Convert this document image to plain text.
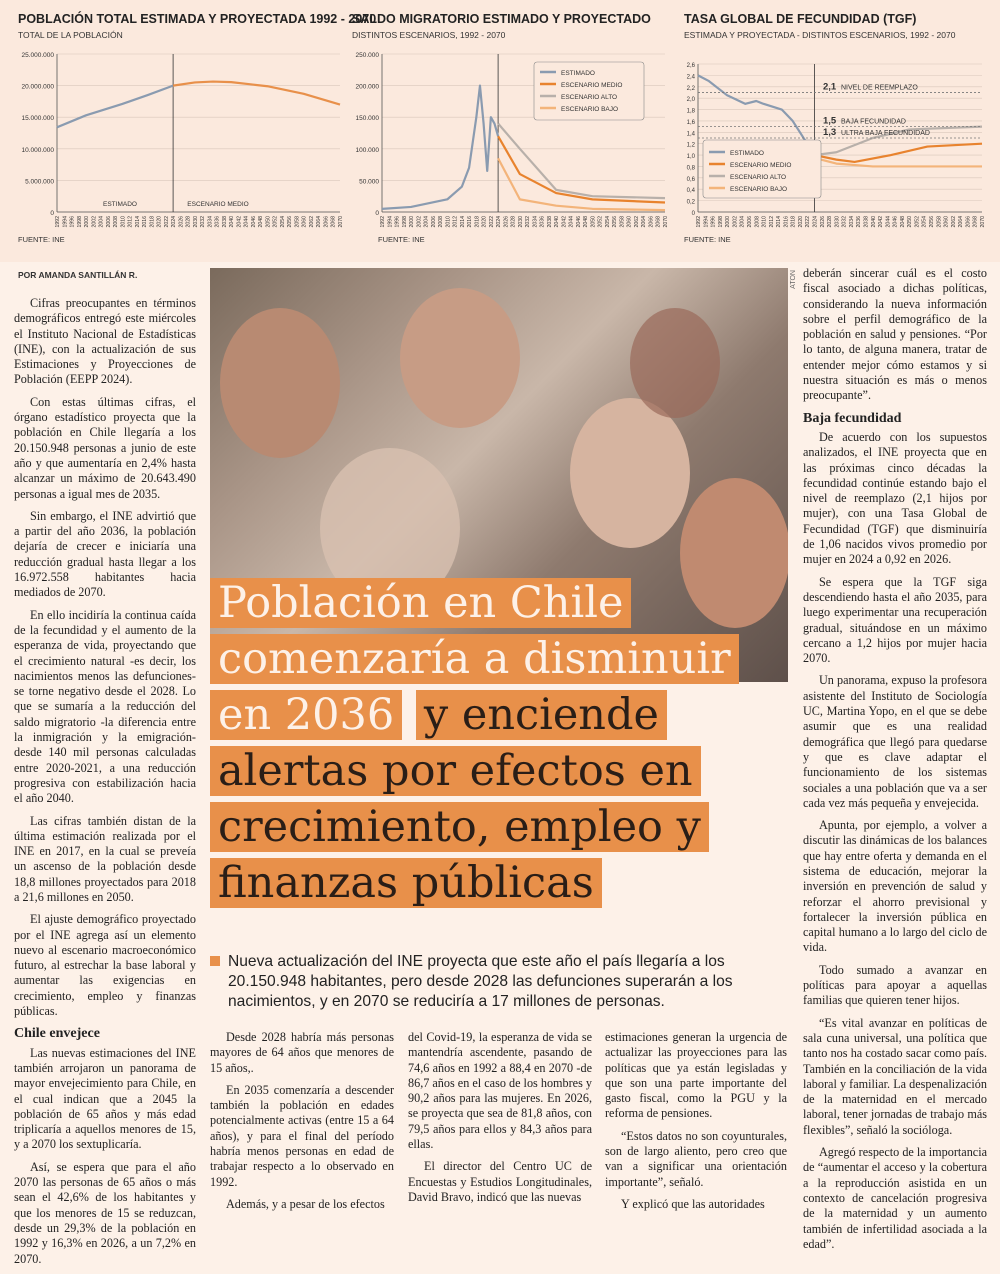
POBLACIÓN TOTAL ESTIMADA Y PROYECTADA 1992 - 2070
TOTAL DE LA POBLACIÓN
25.000.000
20.000.000
15.000.000
10.000.000
5.000.000
0
1992 1994 1996 1998 2000 2002 2004 2006 2008 2010 2012 2014 2016 2018 2020 2022 2024 2026 2028 2030 2032 2034 2036 2038 2040 2042 2044 2046 2048 2050 2052 2054 2056 2058 2060 2062 2064 2066 2068 2070
ESTIMADO	ESCENARIO MEDIO
FUENTE: INE
SALDO MIGRATORIO ESTIMADO Y PROYECTADO
DISTINTOS ESCENARIOS, 1992 - 2070
250.000
200.000
150.000
100.000
50.000
0
1992 1994 1996 1998 2000 2002 2004 2006 2008 2010 2012 2014 2016 2018 2020 2022 2024 2026 2028 2030 2032 2034 2036 2038 2040 2042 2044 2046 2048 2050 2052 2054 2056 2058 2060 2062 2064 2066 2068 2070
ESTIMADO
ESCENARIO MEDIO
ESCENARIO ALTO
ESCENARIO BAJO
FUENTE: INE
TASA GLOBAL DE FECUNDIDAD (TGF)
ESTIMADA Y PROYECTADA - DISTINTOS ESCENARIOS, 1992 - 2070
2,6
2,4
2,2
2,0
1,8
1,6
1,4
1,2
1,0
0,8
0,6
0,4
0,2
0
1992 1994 1996 1998 2000 2002 2004 2006 2008 2010 2012 2014 2016 2018 2020 2022 2024 2026 2028 2030 2032 2034 2036 2038 2040 2042 2044 2046 2048 2050 2052 2054 2056 2058 2060 2062 2064 2066 2068 2070
2,1 NIVEL DE REEMPLAZO
1,5 BAJA FECUNDIDAD
1,3 ULTRA BAJA FECUNDIDAD
ESTIMADO
ESCENARIO MEDIO
ESCENARIO ALTO
ESCENARIO BAJO
FUENTE: INE
POR AMANDA SANTILLÁN R.

Cifras preocupantes en términos demográficos entregó este miércoles el Instituto Nacional de Estadísticas (INE), con la actualización de sus Estimaciones y Proyecciones de Población (EEPP 2024).

Con estas últimas cifras, el órgano estadístico proyecta que la población en Chile llegaría a los 20.150.948 personas a junio de este año y que aumentaría en 2,4% hasta alcanzar un máximo de 20.643.490 personas a igual mes de 2035.

Sin embargo, el INE advirtió que a partir del año 2036, la población dejaría de crecer e iniciaría una reducción gradual hasta llegar a los 16.972.558 habitantes hacia mediados de 2070.

En ello incidiría la continua caída de la fecundidad y el aumento de la esperanza de vida, proyectando que el crecimiento natural -es decir, los nacimientos menos las defunciones- se torne negativo desde el 2028. Lo que se sumaría a la reducción del saldo migratorio -la diferencia entre la inmigración y la emigración- desde 140 mil personas calculadas entre 2020-2021, a una reducción progresiva con estabilización hacia el año 2040.

Las cifras también distan de la última estimación realizada por el INE en 2017, en la cual se preveía un ascenso de la población desde 18,8 millones proyectados para 2018 a 21,6 millones en 2050.

El ajuste demográfico proyectado por el INE agrega así un elemento nuevo al escenario macroeconómico futuro, al estrechar la base laboral y aumentar las exigencias en crecimiento, empleo y finanzas públicas.

Chile envejece

Las nuevas estimaciones del INE también arrojaron un panorama de mayor envejecimiento para Chile, en el cual indican que a 2045 la población de 65 años y más edad triplicaría a aquellos menores de 15, y a 2070 los sextuplicaría.

Así, se espera que para el año 2070 las personas de 65 años o más sean el 42,6% de los habitantes y que los menores de 15 se reduzcan, desde un 29,3% de la población en 1992 y 16,3% en 2026, a un 7,2% en 2070.

ATON
Población en Chile comenzaría a disminuir en 2036 y enciende alertas por efectos en crecimiento, empleo y finanzas públicas
Nueva actualización del INE proyecta que este año el país llegaría a los 20.150.948 habitantes, pero desde 2028 las defunciones superarán a los nacimientos, y en 2070 se reduciría a 17 millones de personas.

Desde 2028 habría más personas mayores de 64 años que menores de 15 años,.

En 2035 comenzaría a descender también la población en edades potencialmente activas (entre 15 a 64 años), y para el final del período habría menos personas en edad de trabajar respecto a lo observado en 1992.

Además, y a pesar de los efectos

del Covid-19, la esperanza de vida se mantendría ascendente, pasando de 74,6 años en 1992 a 88,4 en 2070 -de 86,7 años en el caso de los hombres y 90,2 años para las mujeres. En 2026, se proyecta que sea de 81,8 años, con 79,5 años para ellos y 84,3 años para ellas.

El director del Centro UC de Encuestas y Estudios Longitudinales, David Bravo, indicó que las nuevas

estimaciones generan la urgencia de actualizar las proyecciones para las políticas que ya están legisladas y que son una parte importante del gasto fiscal, como la PGU y la reforma de pensiones.

“Estos datos no son coyunturales, son de largo aliento, pero creo que van a significar una orientación importante”, señaló.

Y explicó que las autoridades

deberán sincerar cuál es el costo fiscal asociado a dichas políticas, considerando la nueva información sobre el perfil demográfico de la población en salud y pensiones. “Por lo tanto, de alguna manera, tratar de entender mejor cómo estamos y si nuestra situación es más o menos preocupante”.

Baja fecundidad

De acuerdo con los supuestos analizados, el INE proyecta que en las próximas cinco décadas la fecundidad continúe estando bajo el nivel de reemplazo (2,1 hijos por mujer), con una Tasa Global de Fecundidad (TGF) que disminuiría de 1,06 nacidos vivos promedio por mujer en 2024 a 0,92 en 2026.

Se espera que la TGF siga descendiendo hasta el año 2035, para luego experimentar una recuperación gradual, situándose en un máximo cercano a 1,2 hijos por mujer hacia 2070.

Un panorama, expuso la profesora asistente del Instituto de Sociología UC, Martina Yopo, en el que se debe asumir que es una realidad demográfica que llegó para quedarse y que es clave adaptar el funcionamiento de los sistemas sociales a una población que va a ser cada vez más pequeña y envejecida.

Apunta, por ejemplo, a volver a discutir las dinámicas de los balances que hay entre oferta y demanda en el sistema de educación, mejorar la inversión en prevención de salud y reforzar el ahorro previsional y fortalecer la inversión pública en capital humano a lo largo del ciclo de vida.

Todo sumado a avanzar en políticas para apoyar a aquellas familias que quieren tener hijos.

“Es vital avanzar en políticas de sala cuna universal, una política que tanto nos ha costado sacar como país. También en la conciliación de la vida laboral y familiar. La despenalización de la maternidad en el mercado laboral, tener jornadas de trabajo más flexibles”, señaló la socióloga.

Agregó respecto de la importancia de “aumentar el acceso y la cobertura a la reproducción asistida en un contexto de cancelación progresiva de la maternidad y un aumento también de infertilidad asociada a la edad”.
